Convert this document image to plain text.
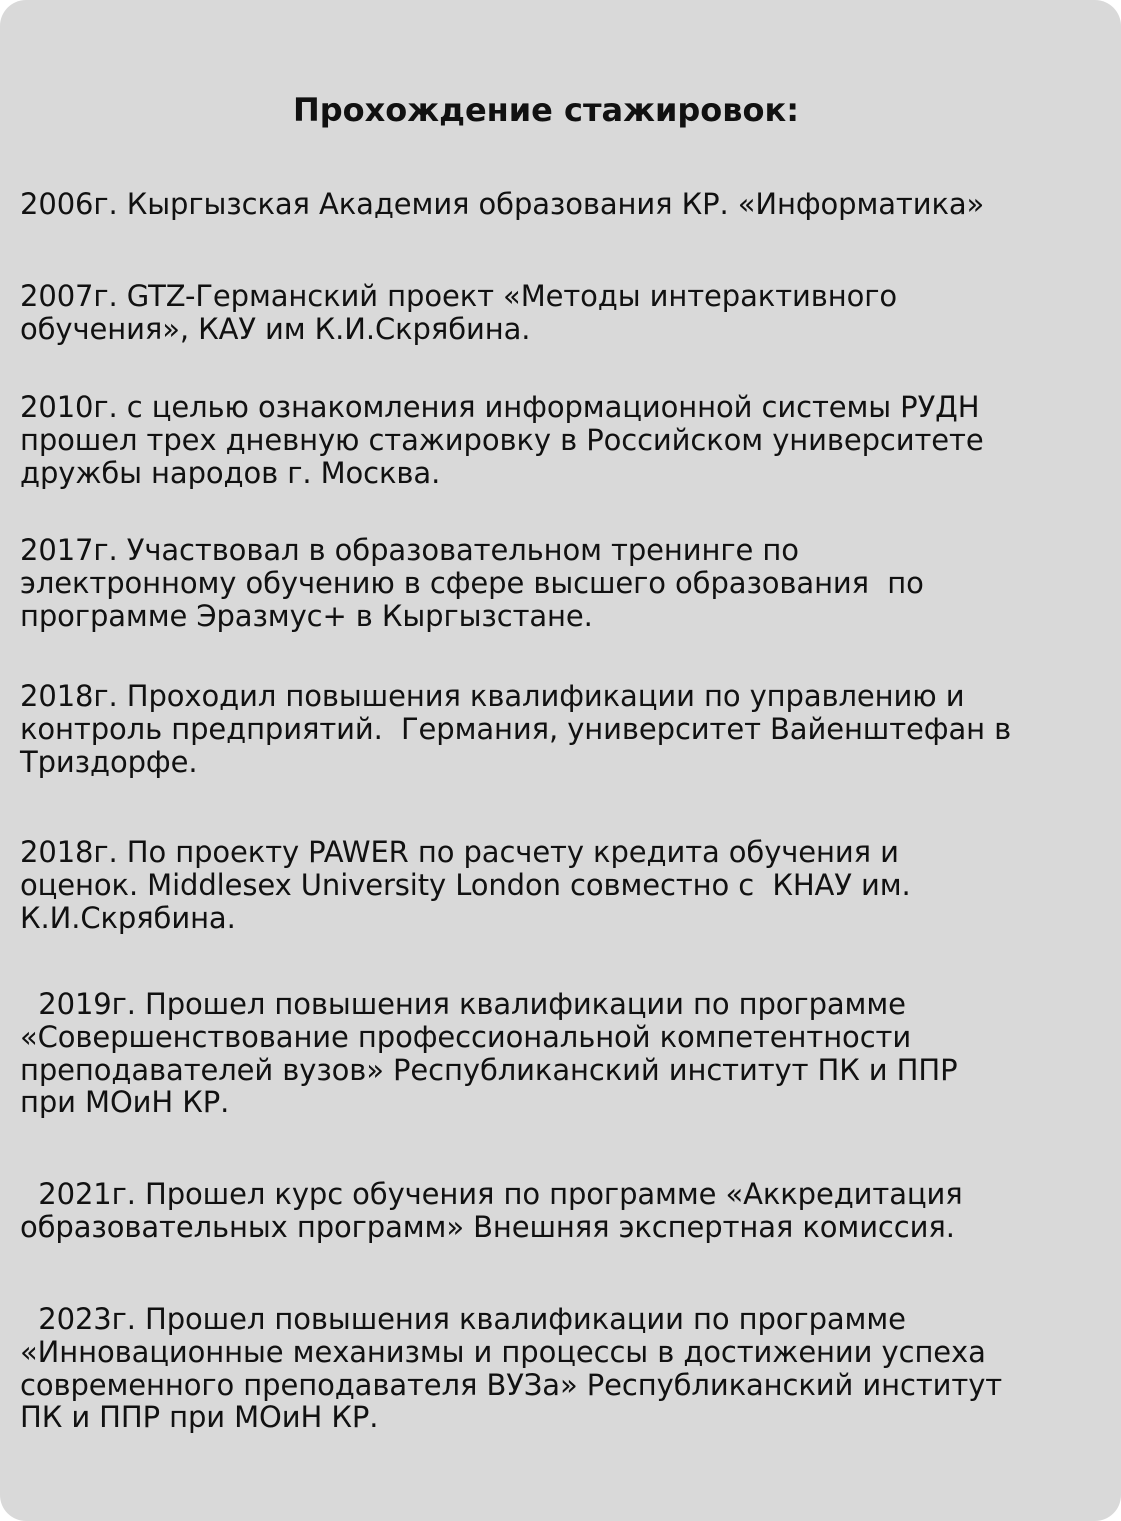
Прохождение стажировок:

2006г. Кыргызская Академия образования КР. «Информатика»

2007г. GTZ-Германский проект «Методы интерактивного
обучения», КАУ им К.И.Скрябина.

2010г. с целью ознакомления информационной системы РУДН
прошел трех дневную стажировку в Российском университете
дружбы народов г. Москва.

2017г. Участвовал в образовательном тренинге по
электронному обучению в сфере высшего образования  по
программе Эразмус+ в Кыргызстане.

2018г. Проходил повышения квалификации по управлению и
контроль предприятий.  Германия, университет Вайенштефан в
Триздорфе.

2018г. По проекту PAWER по расчету кредита обучения и
оценок. Middlesex University London совместно с  КНАУ им.
К.И.Скрябина.

2019г. Прошел повышения квалификации по программе
«Совершенствование профессиональной компетентности
преподавателей вузов» Республиканский институт ПК и ППР
при МОиН КР.

2021г. Прошел курс обучения по программе «Аккредитация
образовательных программ» Внешняя экспертная комиссия.

2023г. Прошел повышения квалификации по программе
«Инновационные механизмы и процессы в достижении успеха
современного преподавателя ВУЗа» Республиканский институт
ПК и ППР при МОиН КР.
